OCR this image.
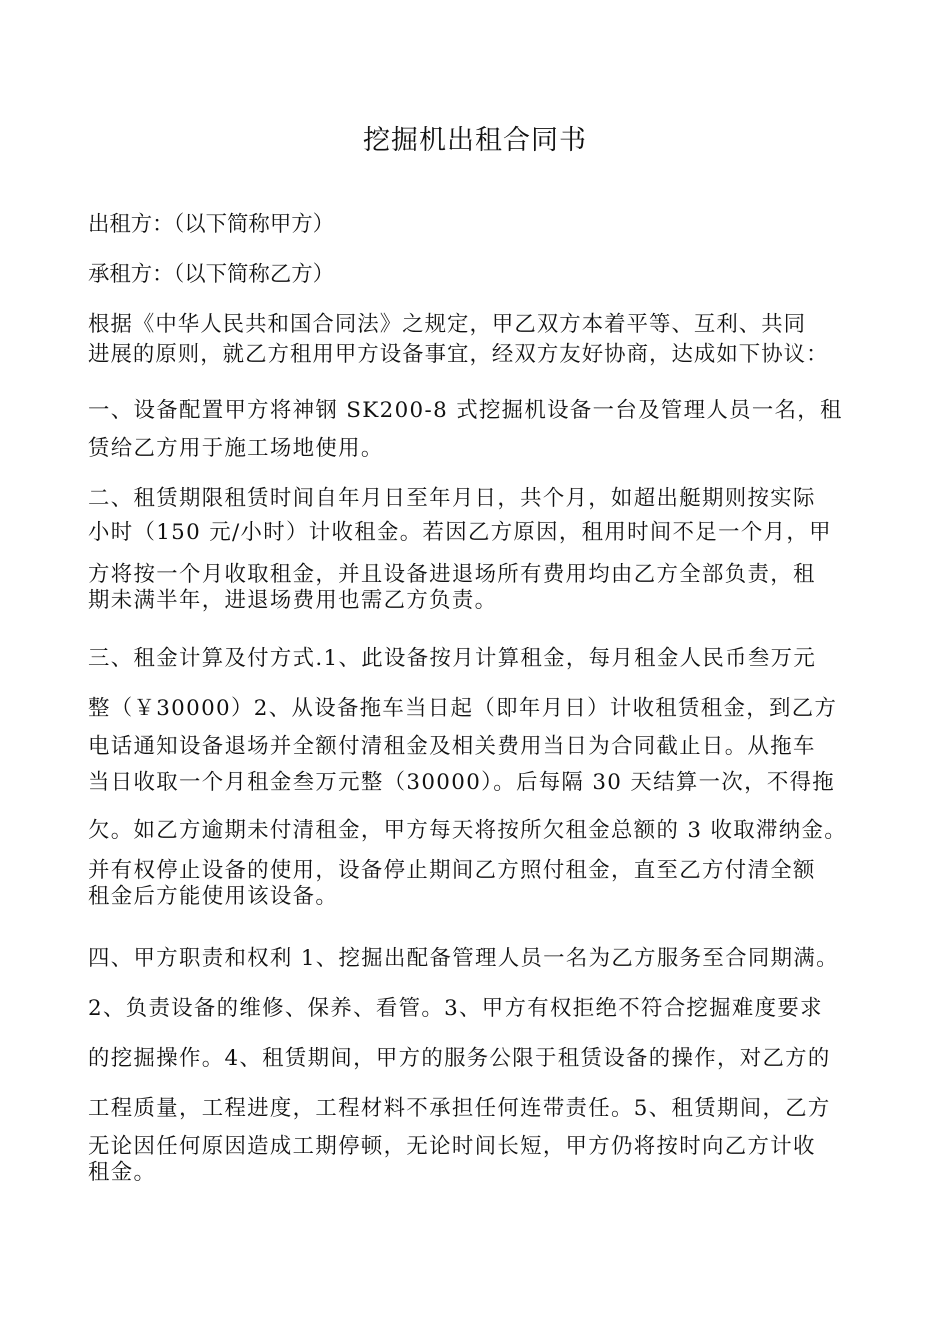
挖掘机出租合同书
出租方：（以下简称甲方）
承租方：（以下简称乙方）
根据《中华人民共和国合同法》之规定，甲乙双方本着平等、互利、共同
进展的原则，就乙方租用甲方设备事宜，经双方友好协商，达成如下协议：
一、设备配置甲方将神钢 SK200-8 式挖掘机设备一台及管理人员一名，租
赁给乙方用于施工场地使用。
二、租赁期限租赁时间自年月日至年月日，共个月，如超出艇期则按实际
小时（150 元/小时）计收租金。若因乙方原因，租用时间不足一个月，甲
方将按一个月收取租金，并且设备进退场所有费用均由乙方全部负责，租
期未满半年，进退场费用也需乙方负责。
三、租金计算及付方式.1、此设备按月计算租金，每月租金人民币叁万元
整（￥30000）2、从设备拖车当日起（即年月日）计收租赁租金，到乙方
电话通知设备退场并全额付清租金及相关费用当日为合同截止日。从拖车
当日收取一个月租金叁万元整（30000）。后每隔 30 天结算一次，不得拖
欠。如乙方逾期未付清租金，甲方每天将按所欠租金总额的 3 收取滞纳金。
并有权停止设备的使用，设备停止期间乙方照付租金，直至乙方付清全额
租金后方能使用该设备。
四、甲方职责和权利 1、挖掘出配备管理人员一名为乙方服务至合同期满。
2、负责设备的维修、保养、看管。3、甲方有权拒绝不符合挖掘难度要求
的挖掘操作。4、租赁期间，甲方的服务公限于租赁设备的操作，对乙方的
工程质量，工程进度，工程材料不承担任何连带责任。5、租赁期间，乙方
无论因任何原因造成工期停顿，无论时间长短，甲方仍将按时向乙方计收
租金。
